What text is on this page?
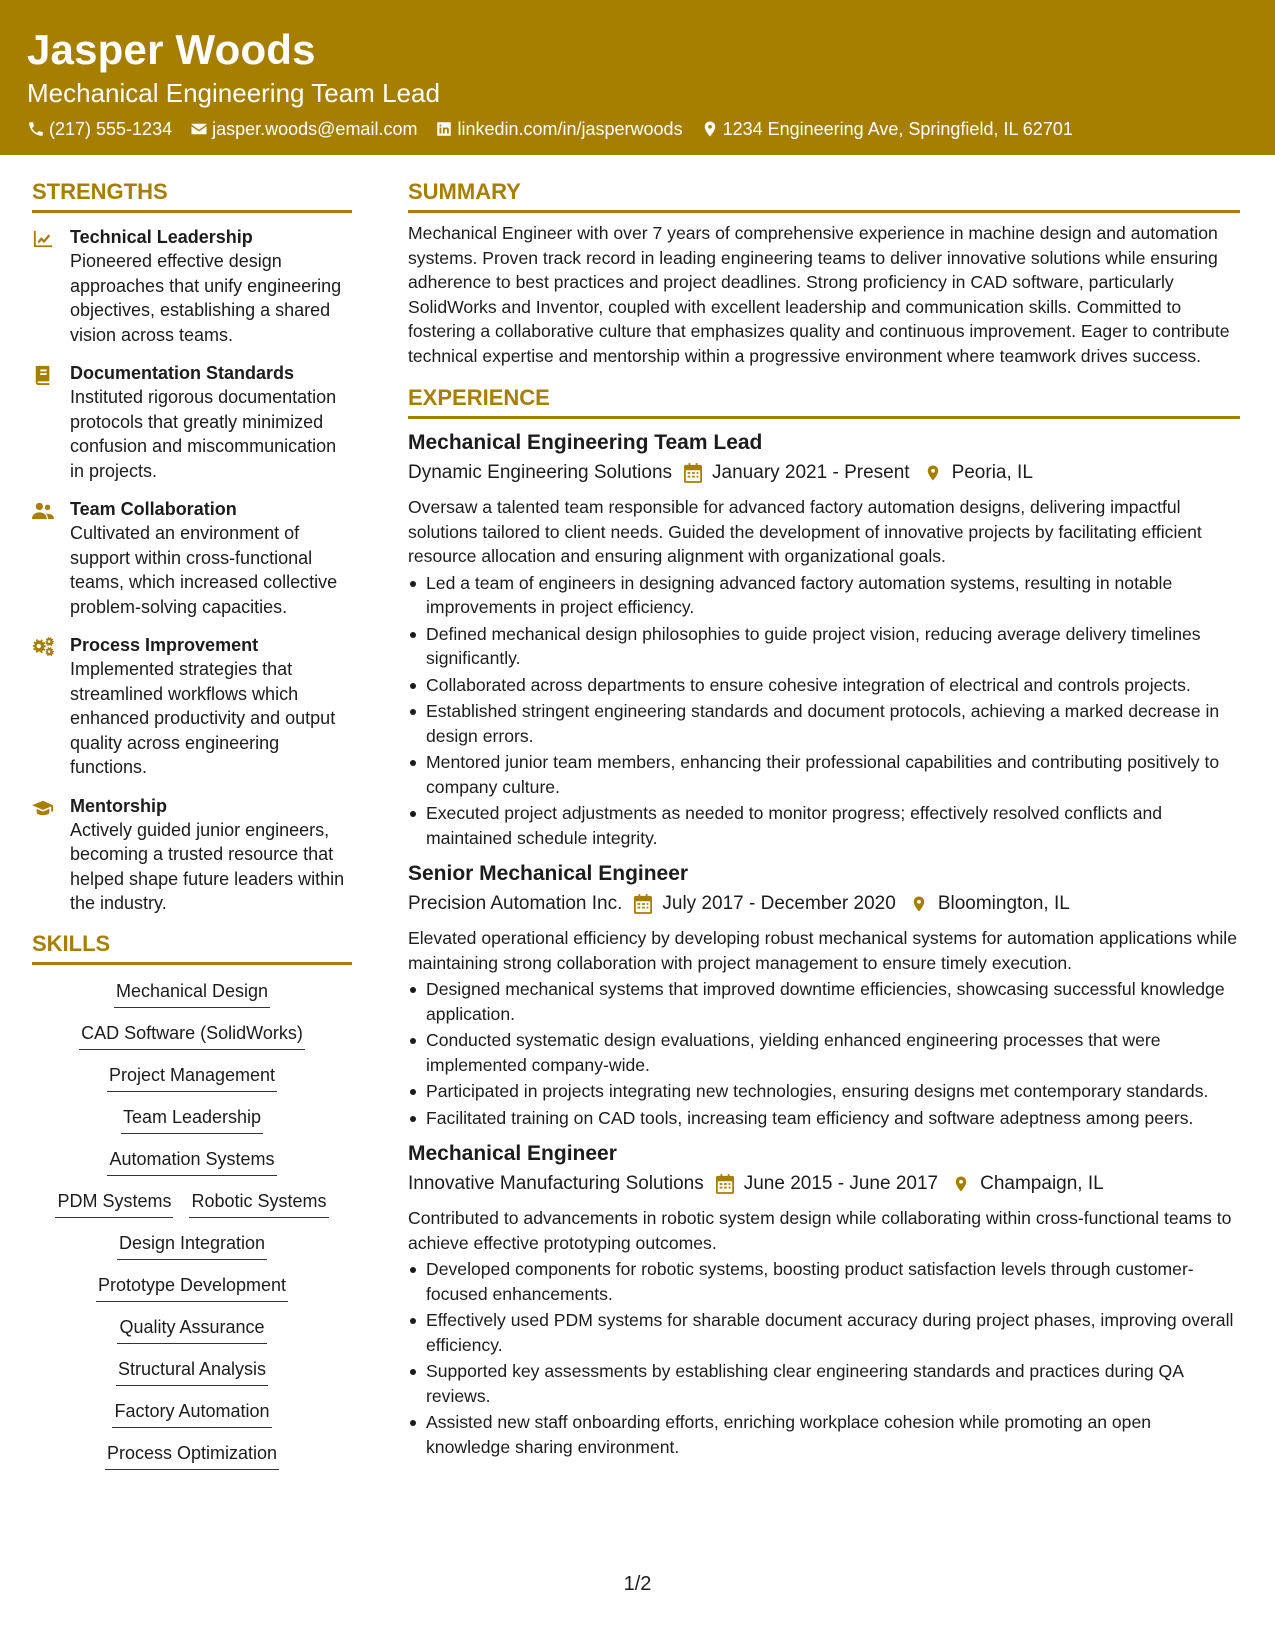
Jasper Woods
Mechanical Engineering Team Lead
(217) 555-1234 jasper.woods@email.com linkedin.com/in/jasperwoods 1234 Engineering Ave, Springfield, IL 62701
STRENGTHS
Technical Leadership
Pioneered effective design approaches that unify engineering objectives, establishing a shared vision across teams.
Documentation Standards
Instituted rigorous documentation protocols that greatly minimized confusion and miscommunication in projects.
Team Collaboration
Cultivated an environment of support within cross-functional teams, which increased collective problem-solving capacities.
Process Improvement
Implemented strategies that streamlined workflows which enhanced productivity and output quality across engineering functions.
Mentorship
Actively guided junior engineers, becoming a trusted resource that helped shape future leaders within the industry.
SKILLS
Mechanical Design
CAD Software (SolidWorks)
Project Management
Team Leadership
Automation Systems
PDM Systems Robotic Systems
Design Integration
Prototype Development
Quality Assurance
Structural Analysis
Factory Automation
Process Optimization
SUMMARY
Mechanical Engineer with over 7 years of comprehensive experience in machine design and automation systems. Proven track record in leading engineering teams to deliver innovative solutions while ensuring adherence to best practices and project deadlines. Strong proficiency in CAD software, particularly SolidWorks and Inventor, coupled with excellent leadership and communication skills. Committed to fostering a collaborative culture that emphasizes quality and continuous improvement. Eager to contribute technical expertise and mentorship within a progressive environment where teamwork drives success.
EXPERIENCE
Mechanical Engineering Team Lead
Dynamic Engineering Solutions January 2021 - Present Peoria, IL
Oversaw a talented team responsible for advanced factory automation designs, delivering impactful solutions tailored to client needs. Guided the development of innovative projects by facilitating efficient resource allocation and ensuring alignment with organizational goals.
Led a team of engineers in designing advanced factory automation systems, resulting in notable improvements in project efficiency.
Defined mechanical design philosophies to guide project vision, reducing average delivery timelines significantly.
Collaborated across departments to ensure cohesive integration of electrical and controls projects.
Established stringent engineering standards and document protocols, achieving a marked decrease in design errors.
Mentored junior team members, enhancing their professional capabilities and contributing positively to company culture.
Executed project adjustments as needed to monitor progress; effectively resolved conflicts and maintained schedule integrity.
Senior Mechanical Engineer
Precision Automation Inc. July 2017 - December 2020 Bloomington, IL
Elevated operational efficiency by developing robust mechanical systems for automation applications while maintaining strong collaboration with project management to ensure timely execution.
Designed mechanical systems that improved downtime efficiencies, showcasing successful knowledge application.
Conducted systematic design evaluations, yielding enhanced engineering processes that were implemented company-wide.
Participated in projects integrating new technologies, ensuring designs met contemporary standards.
Facilitated training on CAD tools, increasing team efficiency and software adeptness among peers.
Mechanical Engineer
Innovative Manufacturing Solutions June 2015 - June 2017 Champaign, IL
Contributed to advancements in robotic system design while collaborating within cross-functional teams to achieve effective prototyping outcomes.
Developed components for robotic systems, boosting product satisfaction levels through customer-focused enhancements.
Effectively used PDM systems for sharable document accuracy during project phases, improving overall efficiency.
Supported key assessments by establishing clear engineering standards and practices during QA reviews.
Assisted new staff onboarding efforts, enriching workplace cohesion while promoting an open knowledge sharing environment.
1/2
